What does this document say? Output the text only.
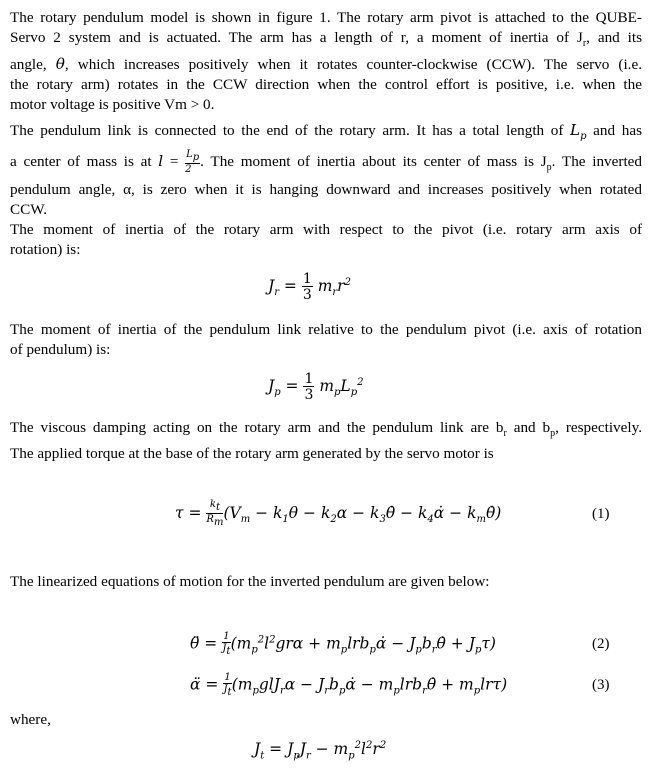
The rotary pendulum model is shown in figure 1. The rotary arm pivot is attached to the QUBE-
Servo 2 system and is actuated. The arm has a length of r, a moment of inertia of $J_r$, and its
angle, θ, which increases positively when it rotates counter-clockwise (CCW). The servo (i.e.
the rotary arm) rotates in the CCW direction when the control effort is positive, i.e. when the
motor voltage is positive Vm > 0.
The pendulum link is connected to the end of the rotary arm. It has a total length of $L_p$ and has
a center of mass is at $l = \frac{L_p}{2}$ . The moment of inertia about its center of mass is $J_p$. The inverted
pendulum angle, α, is zero when it is hanging downward and increases positively when rotated
CCW.
The moment of inertia of the rotary arm with respect to the pivot (i.e. rotary arm axis of
rotation) is:
$J_r = \frac{1}{3} m_rr^2$
The moment of inertia of the pendulum link relative to the pendulum pivot (i.e. axis of rotation
of pendulum) is:
$J_p = \frac{1}{3} m_pL_p^2$
The viscous damping acting on the rotary arm and the pendulum link are $b_r$ and $b_p$, respectively.
The applied torque at the base of the rotary arm generated by the servo motor is
$\tau = \frac{k_t}{R_m} (V_m - k_1\theta - k_2\alpha$ − $k_3\thetȧ$ − $k_4\alphȧ$ − $k_m\thetȧ$)	(1)
The linearized equations of motion for the inverted pendulum are given below:
θ̈ = $\frac{1}{J_t} (m_p^2l^2gr\alpha$ + $m_plrb_p\alphȧ$ − $J_pb_r\thetȧ + J_p\tau$)	(2)
α̈ = $\frac{1}{J_t} (m_pglJ_r\alpha$ − $J_rb_p\alphȧ$ − $m_plrb_r\thetȧ + m_plr\tau$)	(3)
where,
$J_t = J_pJ_r - m_p^2l^2r^2$
